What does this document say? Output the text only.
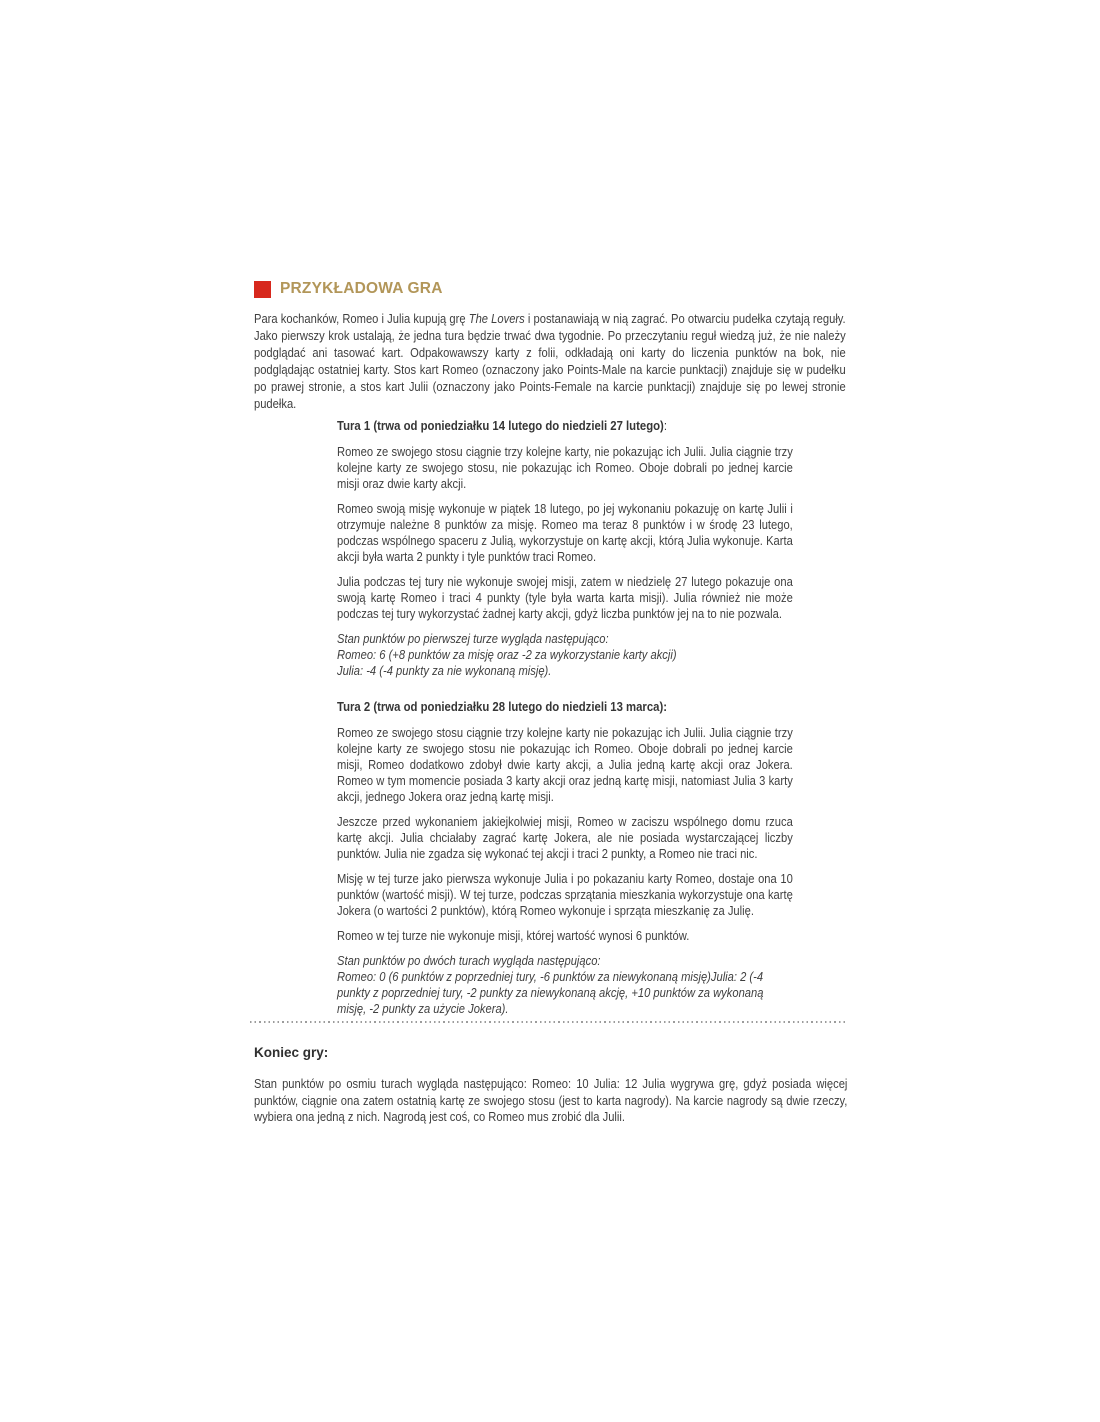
PRZYKŁADOWA GRA
Para kochanków, Romeo i Julia kupują grę The Lovers i postanawiają w nią zagrać. Po otwarciu pudełka czytają reguły. Jako pierwszy krok ustalają, że jedna tura będzie trwać dwa tygodnie. Po przeczytaniu reguł wiedzą już, że nie należy podglądać ani tasować kart. Odpakowawszy karty z folii, odkładają oni karty do liczenia punktów na bok, nie podglądając ostatniej karty. Stos kart Romeo (oznaczony jako Points-Male na karcie punktacji) znajduje się w pudełku po prawej stronie, a stos kart Julii (oznaczony jako Points-Female na karcie punktacji) znajduje się po lewej stronie pudełka.
Tura 1 (trwa od poniedziałku 14 lutego do niedzieli 27 lutego):

Romeo ze swojego stosu ciągnie trzy kolejne karty, nie pokazując ich Julii. Julia ciągnie trzy kolejne karty ze swojego stosu, nie pokazując ich Romeo. Oboje dobrali po jednej karcie misji oraz dwie karty akcji.

Romeo swoją misję wykonuje w piątek 18 lutego, po jej wykonaniu pokazuję on kartę Julii i otrzymuje należne 8 punktów za misję. Romeo ma teraz 8 punktów i w środę 23 lutego, podczas wspólnego spaceru z Julią, wykorzystuje on kartę akcji, którą Julia wykonuje. Karta akcji była warta 2 punkty i tyle punktów traci Romeo.

Julia podczas tej tury nie wykonuje swojej misji, zatem w niedzielę 27 lutego pokazuje ona swoją kartę Romeo i traci 4 punkty (tyle była warta karta misji). Julia również nie może podczas tej tury wykorzystać żadnej karty akcji, gdyż liczba punktów jej na to nie pozwala.

Stan punktów po pierwszej turze wygląda następująco:
Romeo: 6 (+8 punktów za misję oraz -2 za wykorzystanie karty akcji)
Julia: -4 (-4 punkty za nie wykonaną misję).
Tura 2 (trwa od poniedziałku 28 lutego do niedzieli 13 marca):

Romeo ze swojego stosu ciągnie trzy kolejne karty nie pokazując ich Julii. Julia ciągnie trzy kolejne karty ze swojego stosu nie pokazując ich Romeo. Oboje dobrali po jednej karcie misji, Romeo dodatkowo zdobył dwie karty akcji, a Julia jedną kartę akcji oraz Jokera. Romeo w tym momencie posiada 3 karty akcji oraz jedną kartę misji, natomiast Julia 3 karty akcji, jednego Jokera oraz jedną kartę misji.

Jeszcze przed wykonaniem jakiejkolwiej misji, Romeo w zaciszu wspólnego domu rzuca kartę akcji. Julia chciałaby zagrać kartę Jokera, ale nie posiada wystarczającej liczby punktów. Julia nie zgadza się wykonać tej akcji i traci 2 punkty, a Romeo nie traci nic.

Misję w tej turze jako pierwsza wykonuje Julia i po pokazaniu karty Romeo, dostaje ona 10 punktów (wartość misji). W tej turze, podczas sprzątania mieszkania wykorzystuje ona kartę Jokera (o wartości 2 punktów), którą Romeo wykonuje i sprząta mieszkanię za Julię.

Romeo w tej turze nie wykonuje misji, której wartość wynosi 6 punktów.

Stan punktów po dwóch turach wygląda następująco:
Romeo: 0 (6 punktów z poprzedniej tury, -6 punktów za niewykonaną misję)Julia: 2 (-4 punkty z poprzedniej tury, -2 punkty za niewykonaną akcję, +10 punktów za wykonaną misję, -2 punkty za użycie Jokera).
Koniec gry:
Stan punktów po osmiu turach wygląda następująco: Romeo: 10 Julia: 12 Julia wygrywa grę, gdyż posiada więcej punktów, ciągnie ona zatem ostatnią kartę ze swojego stosu (jest to karta nagrody). Na karcie nagrody są dwie rzeczy, wybiera ona jedną z nich. Nagrodą jest coś, co Romeo mus zrobić dla Julii.
